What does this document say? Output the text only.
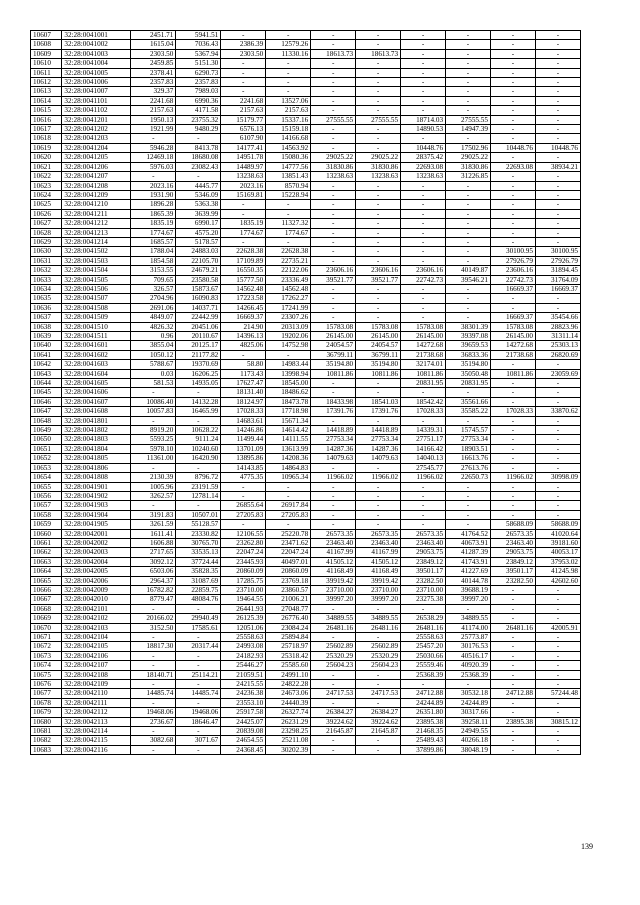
10607	32:28:0041001	2451.71	5941.51	-	-	-	-	-	-	-	-
10608	32:28:0041002	1615.04	7036.43	2386.39	12579.26	-	-	-	-	-	-
10609	32:28:0041003	2303.50	5367.94	2303.50	11330.16	18613.73	18613.73	-	-	-	-
10610	32:28:0041004	2459.85	5151.30	-	-	-	-	-	-	-	-
10611	32:28:0041005	2378.41	6290.73	-	-	-	-	-	-	-	-
10612	32:28:0041006	2357.83	2357.83	-	-	-	-	-	-	-	-
10613	32:28:0041007	329.37	7989.03	-	-	-	-	-	-	-	-
10614	32:28:0041101	2241.68	6990.36	2241.68	13527.06	-	-	-	-	-	-
10615	32:28:0041102	2157.63	4171.58	2157.63	2157.63	-	-	-	-	-	-
10616	32:28:0041201	1950.13	23755.32	15179.77	15337.16	27555.55	27555.55	18714.03	27555.55	-	-
10617	32:28:0041202	1921.99	9480.29	6576.13	15159.18	-	-	14890.53	14947.39	-	-
10618	32:28:0041203	-	-	6107.90	14166.68	-	-	-	-	-	-
10619	32:28:0041204	5946.28	8413.78	14177.41	14563.92	-	-	10448.76	17502.96	10448.76	10448.76
10620	32:28:0041205	12469.18	18680.08	14951.78	15080.36	29025.22	29025.22	28375.42	29025.22	-	-
10621	32:28:0041206	5976.03	23082.43	14489.97	14777.56	31830.86	31830.86	22693.08	31830.86	22693.08	38934.21
10622	32:28:0041207	-	-	13238.63	13851.43	13238.63	13238.63	13238.63	31226.85	-	-
10623	32:28:0041208	2023.16	4445.77	2023.16	8570.94	-	-	-	-	-	-
10624	32:28:0041209	1931.90	5346.09	15169.81	15228.94	-	-	-	-	-	-
10625	32:28:0041210	1896.28	5363.38	-	-	-	-	-	-	-	-
10626	32:28:0041211	1865.39	3639.99	-	-	-	-	-	-	-	-
10627	32:28:0041212	1835.19	6990.17	1835.19	11327.32	-	-	-	-	-	-
10628	32:28:0041213	1774.67	4575.20	1774.67	1774.67	-	-	-	-	-	-
10629	32:28:0041214	1685.57	5178.57	-	-	-	-	-	-	-	-
10630	32:28:0041502	1788.04	24883.03	22628.38	22628.38	-	-	-	-	30100.95	30100.95
10631	32:28:0041503	1854.58	22105.70	17109.89	22735.21	-	-	-	-	27926.79	27926.79
10632	32:28:0041504	3153.55	24679.21	16550.35	22122.06	23606.16	23606.16	23606.16	40149.87	23606.16	31894.45
10633	32:28:0041505	709.65	23580.58	15777.50	23336.49	39521.77	39521.77	22742.73	39546.21	22742.73	31764.09
10634	32:28:0041506	326.57	15873.67	14562.48	14562.48	-	-	-	-	16669.37	16669.37
10635	32:28:0041507	2704.96	16090.83	17223.58	17262.27	-	-	-	-	-	-
10636	32:28:0041508	2691.06	14037.71	14266.45	17241.99	-	-	-	-	-	-
10637	32:28:0041509	4849.07	22442.99	16669.37	23307.26	-	-	-	-	16669.37	35454.66
10638	32:28:0041510	4826.32	20451.06	214.90	20313.09	15783.08	15783.08	15783.08	38301.39	15783.08	28823.96
10639	32:28:0041511	0.96	20110.67	14396.13	19202.06	26145.00	26145.00	26145.00	39397.08	26145.00	31311.14
10640	32:28:0041601	3855.04	20125.17	4825.06	14752.98	24054.57	24054.57	14272.68	39659.53	14272.68	25303.13
10641	32:28:0041602	1050.12	21177.82	-	-	36799.11	36799.11	21738.68	36833.36	21738.68	26820.69
10642	32:28:0041603	5788.67	19370.69	58.80	14983.44	35194.80	35194.80	32174.01	35194.80	-	-
10643	32:28:0041604	0.03	16206.25	1173.43	13998.94	10811.86	10811.86	10811.86	35050.48	10811.86	23059.69
10644	32:28:0041605	581.53	14935.05	17627.47	18545.00	-	-	20831.95	20831.95	-	-
10645	32:28:0041606	-	-	18131.40	18486.62	-	-	-	-	-	-
10646	32:28:0041607	10086.40	14132.28	18124.97	18473.78	18433.98	18541.03	18542.42	35561.66	-	-
10647	32:28:0041608	10057.83	16465.99	17028.33	17718.98	17391.76	17391.76	17028.33	35585.22	17028.33	33870.62
10648	32:28:0041801	-	-	14683.61	15671.34	-	-	-	-	-	-
10649	32:28:0041802	8919.20	10628.22	14246.86	14614.42	14418.89	14418.89	14339.31	15745.57	-	-
10650	32:28:0041803	5593.25	9111.24	11499.44	14111.55	27753.34	27753.34	27751.17	27753.34	-	-
10651	32:28:0041804	5978.10	10240.60	13701.09	13613.99	14287.36	14287.36	14166.42	18903.51	-	-
10652	32:28:0041805	11361.00	16420.90	13895.86	14208.36	14079.63	14079.63	14040.13	16613.76	-	-
10653	32:28:0041806	-	-	14143.85	14864.83	-	-	27545.77	27613.76	-	-
10654	32:28:0041808	2130.39	8796.72	4775.35	10965.34	11966.02	11966.02	11966.02	22650.73	11966.02	30998.09
10655	32:28:0041901	1005.96	23191.59	-	-	-	-	-	-	-	-
10656	32:28:0041902	3262.57	12781.14	-	-	-	-	-	-	-	-
10657	32:28:0041903	-	-	26855.64	26917.84	-	-	-	-	-	-
10658	32:28:0041904	3191.83	10507.01	27205.83	27205.83	-	-	-	-	-	-
10659	32:28:0041905	3261.59	55128.57	-	-	-	-	-	-	58688.09	58688.09
10660	32:28:0042001	1611.41	23330.82	12106.55	25220.78	26573.35	26573.35	26573.35	41764.52	26573.35	41020.64
10661	32:28:0042002	1606.88	30765.70	23262.80	23471.62	23463.40	23463.40	23463.40	40673.91	23463.40	39181.60
10662	32:28:0042003	2717.65	33535.13	22047.24	22047.24	41167.99	41167.99	29053.75	41287.39	29053.75	40053.17
10663	32:28:0042004	3092.12	37724.44	23445.93	40497.01	41505.12	41505.12	23849.12	41743.91	23849.12	37953.02
10664	32:28:0042005	6503.06	35828.35	20860.09	20860.09	41168.49	41168.49	39501.17	41227.69	39501.17	41245.98
10665	32:28:0042006	2964.37	31087.69	17285.75	23769.18	39919.42	39919.42	23282.50	40144.78	23282.50	42602.60
10666	32:28:0042009	16782.82	22859.75	23710.00	23860.57	23710.00	23710.00	23710.00	39688.19	-	-
10667	32:28:0042010	8779.47	48084.76	19464.55	21006.21	39997.20	39997.20	23275.38	39997.20	-	-
10668	32:28:0042101	-	-	26441.93	27048.77	-	-	-	-	-	-
10669	32:28:0042102	20166.02	29940.49	26125.39	26776.40	34889.55	34889.55	26538.29	34889.55	-	-
10670	32:28:0042103	3152.50	17585.61	12051.06	23084.24	26481.16	26481.16	26481.16	41174.00	26481.16	42005.91
10671	32:28:0042104	-	-	25558.63	25894.84	-	-	25558.63	25773.87	-	-
10672	32:28:0042105	18817.30	20317.44	24993.08	25718.97	25602.89	25602.89	25457.20	30176.53	-	-
10673	32:28:0042106	-	-	24182.93	25318.42	25320.29	25320.29	25030.66	40516.17	-	-
10674	32:28:0042107	-	-	25446.27	25585.60	25604.23	25604.23	25559.46	40920.39	-	-
10675	32:28:0042108	18140.71	25114.21	21059.51	24991.10	-	-	25368.39	25368.39	-	-
10676	32:28:0042109	-	-	24215.55	24822.28	-	-	-	-	-	-
10677	32:28:0042110	14485.74	14485.74	24236.38	24673.06	24717.53	24717.53	24712.88	30532.18	24712.88	57244.48
10678	32:28:0042111	-	-	23553.10	24440.39	-	-	24244.89	24244.89	-	-
10679	32:28:0042112	19468.06	19468.06	25917.58	26327.74	26384.27	26384.27	26351.80	30317.66	-	-
10680	32:28:0042113	2736.67	18646.47	24425.07	26231.29	39224.62	39224.62	23895.38	39258.11	23895.38	30815.12
10681	32:28:0042114	-	-	20839.08	23298.25	21645.87	21645.87	21468.35	24949.55	-	-
10682	32:28:0042115	3082.68	3071.67	24654.55	25211.08	-	-	25489.43	40266.18	-	-
10683	32:28:0042116	-	-	24368.45	30202.39	-	-	37899.86	38048.19	-	-
139
